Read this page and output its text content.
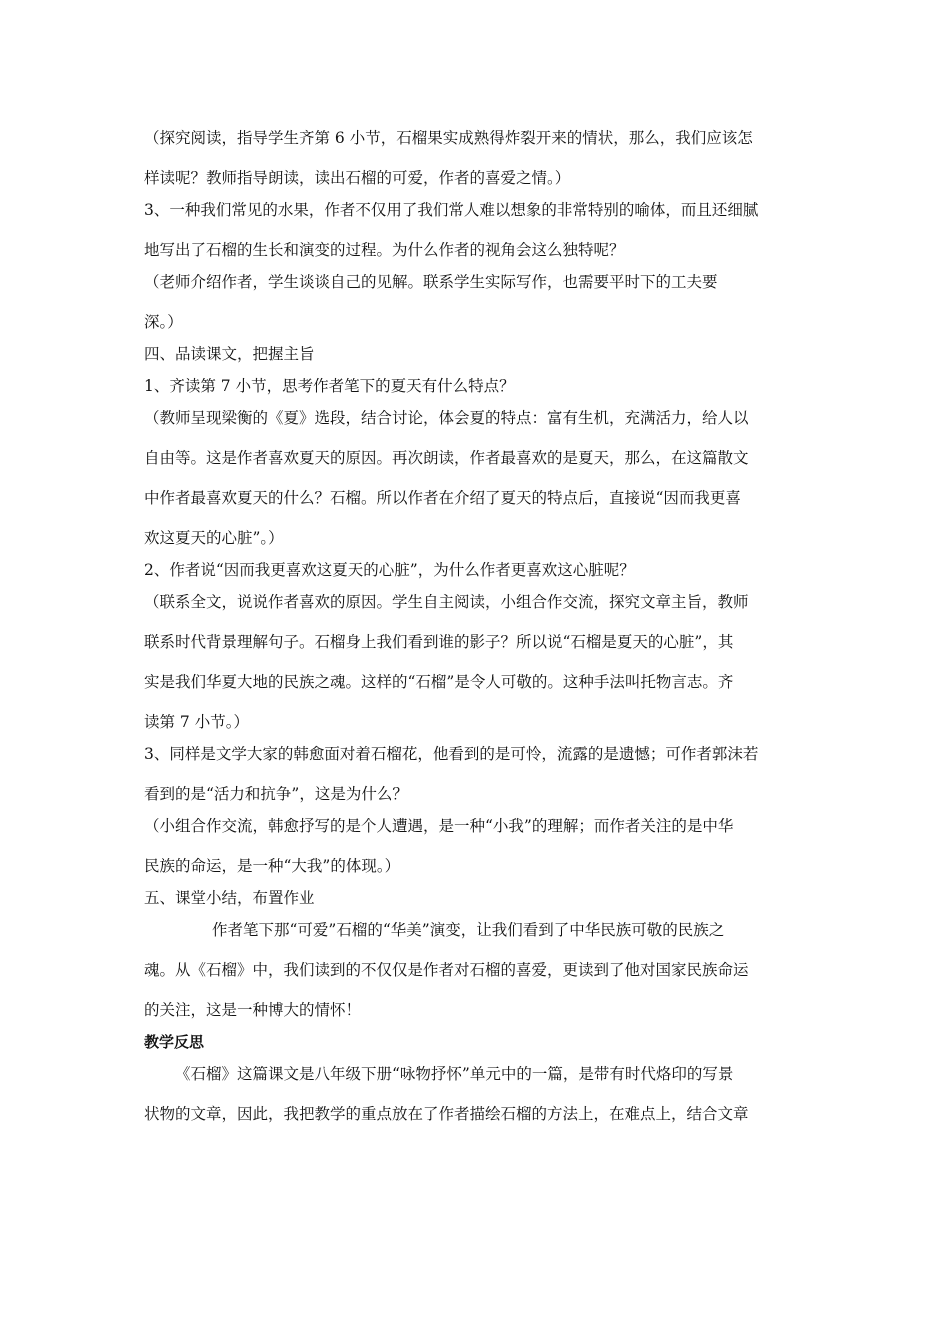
（探究阅读，指导学生齐第 6 小节，石榴果实成熟得炸裂开来的情状，那么，我们应该怎
样读呢？教师指导朗读，读出石榴的可爱，作者的喜爱之情。）
3、一种我们常见的水果，作者不仅用了我们常人难以想象的非常特别的喻体，而且还细腻
地写出了石榴的生长和演变的过程。为什么作者的视角会这么独特呢？
（老师介绍作者，学生谈谈自己的见解。联系学生实际写作，也需要平时下的工夫要
深。）
四、品读课文，把握主旨
1、齐读第 7 小节，思考作者笔下的夏天有什么特点？
（教师呈现梁衡的《夏》选段，结合讨论，体会夏的特点：富有生机，充满活力，给人以
自由等。这是作者喜欢夏天的原因。再次朗读，作者最喜欢的是夏天，那么，在这篇散文
中作者最喜欢夏天的什么？石榴。所以作者在介绍了夏天的特点后，直接说“因而我更喜
欢这夏天的心脏”。）
2、作者说“因而我更喜欢这夏天的心脏”，为什么作者更喜欢这心脏呢？
（联系全文，说说作者喜欢的原因。学生自主阅读，小组合作交流，探究文章主旨，教师
联系时代背景理解句子。石榴身上我们看到谁的影子？所以说“石榴是夏天的心脏”，其
实是我们华夏大地的民族之魂。这样的“石榴”是令人可敬的。这种手法叫托物言志。齐
读第 7 小节。）
3、同样是文学大家的韩愈面对着石榴花，他看到的是可怜，流露的是遗憾；可作者郭沫若
看到的是“活力和抗争”，这是为什么？
（小组合作交流，韩愈抒写的是个人遭遇，是一种“小我”的理解；而作者关注的是中华
民族的命运，是一种“大我”的体现。）
五、课堂小结，布置作业
作者笔下那“可爱”石榴的“华美”演变，让我们看到了中华民族可敬的民族之
魂。从《石榴》中，我们读到的不仅仅是作者对石榴的喜爱，更读到了他对国家民族命运
的关注，这是一种博大的情怀！
教学反思
《石榴》这篇课文是八年级下册“咏物抒怀”单元中的一篇，是带有时代烙印的写景
状物的文章，因此，我把教学的重点放在了作者描绘石榴的方法上，在难点上，结合文章
